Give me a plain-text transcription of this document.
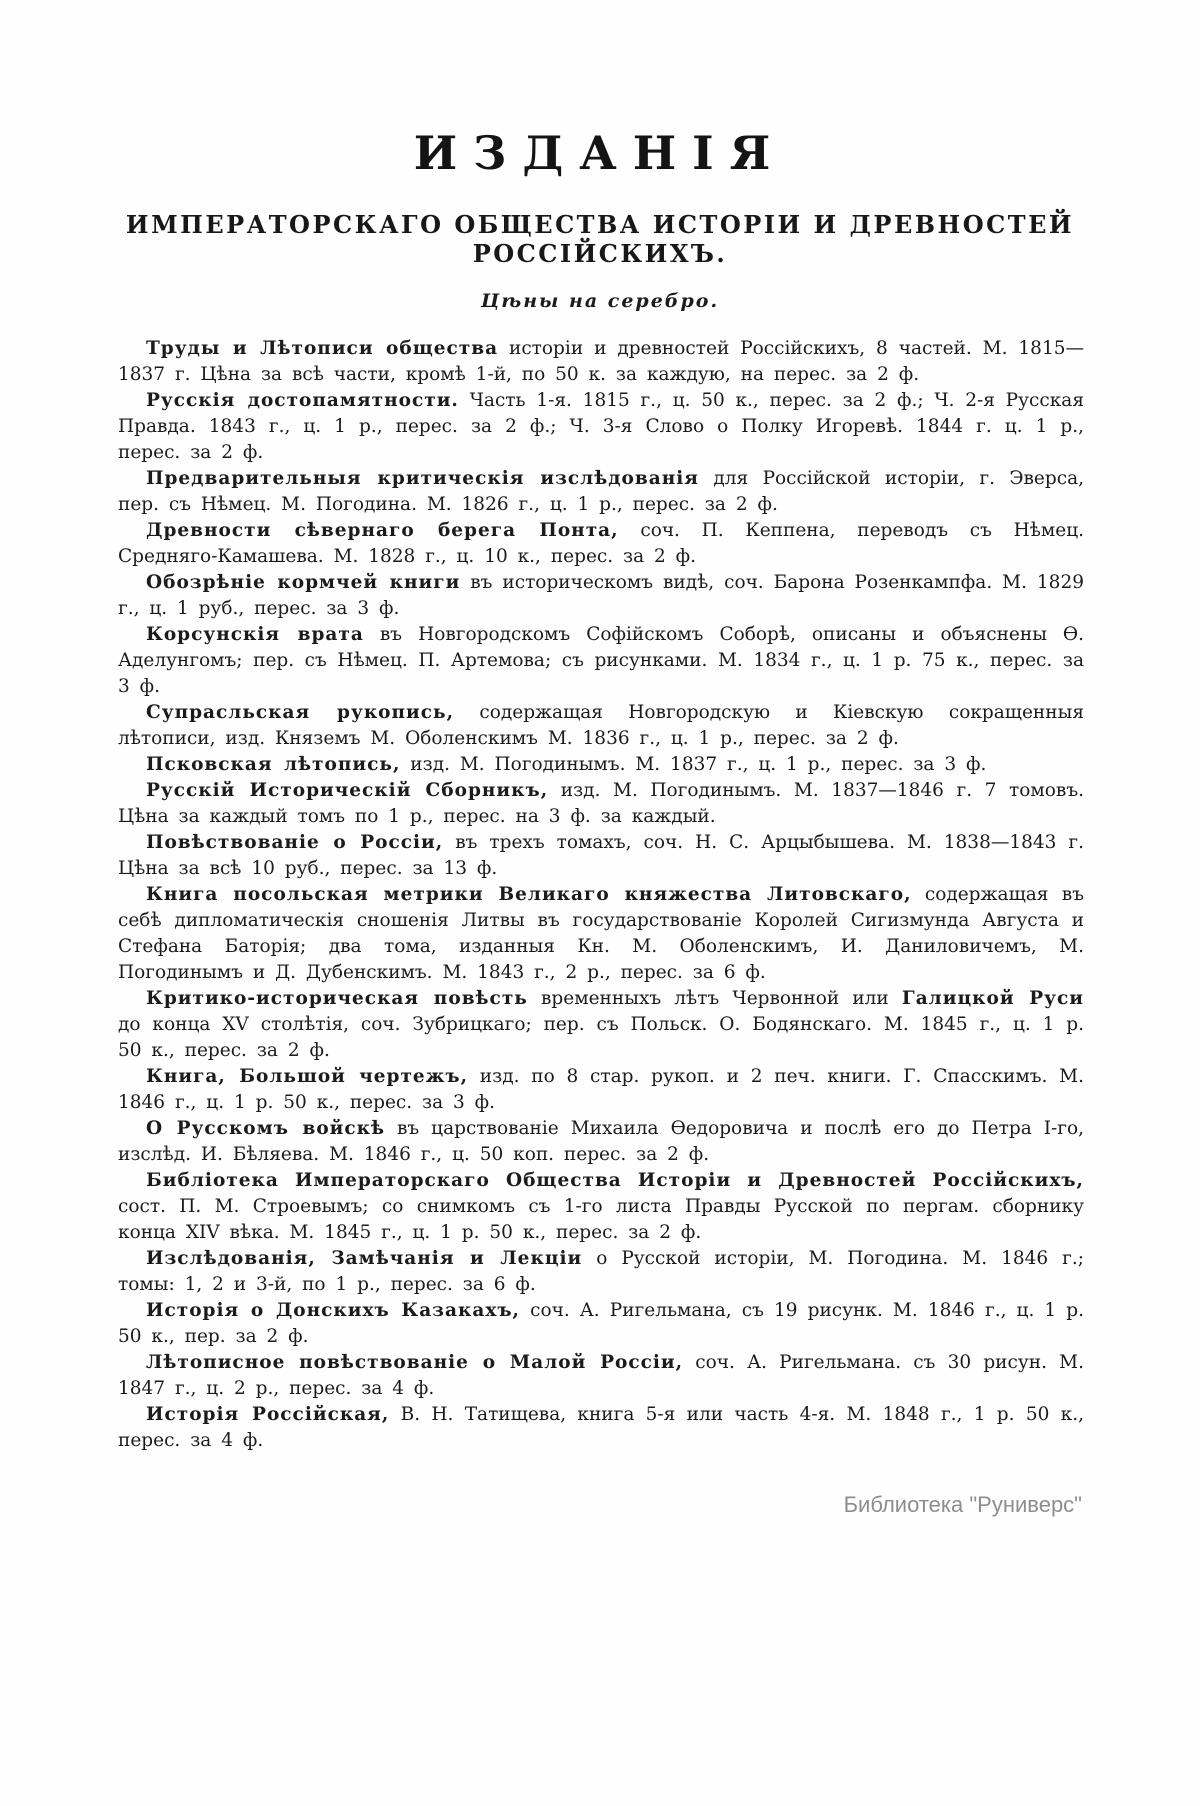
ИЗДАНІЯ
ИМПЕРАТОРСКАГО ОБЩЕСТВА ИСТОРІИ И ДРЕВНОСТЕЙ РОССІЙСКИХЪ.
Цѣны на серебро.

Труды и Лѣтописи общества исторіи и древностей Россійскихъ, 8 частей. М. 1815—1837 г. Цѣна за всѣ части, кромѣ 1-й, по 50 к. за каждую, на перес. за 2 ф.

Русскія достопамятности. Часть 1-я. 1815 г., ц. 50 к., перес. за 2 ф.; Ч. 2-я Русская Правда. 1843 г., ц. 1 р., перес. за 2 ф.; Ч. 3-я Слово о Полку Игоревѣ. 1844 г. ц. 1 р., перес. за 2 ф.

Предварительныя критическія изслѣдованія для Россійской исторіи, г. Эверса, пер. съ Нѣмец. М. Погодина. М. 1826 г., ц. 1 р., перес. за 2 ф.

Древности сѣвернаго берега Понта, соч. П. Кеппена, переводъ съ Нѣмец. Средняго-Камашева. М. 1828 г., ц. 10 к., перес. за 2 ф.

Обозрѣніе кормчей книги въ историческомъ видѣ, соч. Барона Розенкампфа. М. 1829 г., ц. 1 руб., перес. за 3 ф.

Корсунскія врата въ Новгородскомъ Софійскомъ Соборѣ, описаны и объяснены Ѳ. Аделунгомъ; пер. съ Нѣмец. П. Артемова; съ рисунками. М. 1834 г., ц. 1 р. 75 к., перес. за 3 ф.

Супрасльская рукопись, содержащая Новгородскую и Кіевскую сокращенныя лѣтописи, изд. Княземъ М. Оболенскимъ М. 1836 г., ц. 1 р., перес. за 2 ф.

Псковская лѣтопись, изд. М. Погодинымъ. М. 1837 г., ц. 1 р., перес. за 3 ф.

Русскій Историческій Сборникъ, изд. М. Погодинымъ. М. 1837—1846 г. 7 томовъ. Цѣна за каждый томъ по 1 р., перес. на 3 ф. за каждый.

Повѣствованіе о Россіи, въ трехъ томахъ, соч. Н. С. Арцыбышева. М. 1838—1843 г. Цѣна за всѣ 10 руб., перес. за 13 ф.

Книга посольская метрики Великаго княжества Литовскаго, содержащая въ себѣ дипломатическія сношенія Литвы въ государствованіе Королей Сигизмунда Августа и Стефана Баторія; два тома, изданныя Кн. М. Оболенскимъ, И. Даниловичемъ, М. Погодинымъ и Д. Дубенскимъ. М. 1843 г., 2 р., перес. за 6 ф.

Критико-историческая повѣсть временныхъ лѣтъ Червонной или Галицкой Руси до конца XV столѣтія, соч. Зубрицкаго; пер. съ Польск. О. Бодянскаго. М. 1845 г., ц. 1 р. 50 к., перес. за 2 ф.

Книга, Большой чертежъ, изд. по 8 стар. рукоп. и 2 печ. книги. Г. Спасскимъ. М. 1846 г., ц. 1 р. 50 к., перес. за 3 ф.

О Русскомъ войскѣ въ царствованіе Михаила Ѳедоровича и послѣ его до Петра I-го, изслѣд. И. Бѣляева. М. 1846 г., ц. 50 коп. перес. за 2 ф.

Библіотека Императорскаго Общества Исторіи и Древностей Россійскихъ, сост. П. М. Строевымъ; со снимкомъ съ 1-го листа Правды Русской по пергам. сборнику конца XIV вѣка. М. 1845 г., ц. 1 р. 50 к., перес. за 2 ф.

Изслѣдованія, Замѣчанія и Лекціи о Русской исторіи, М. Погодина. М. 1846 г.; томы: 1, 2 и 3-й, по 1 р., перес. за 6 ф.

Исторія о Донскихъ Казакахъ, соч. А. Ригельмана, съ 19 рисунк. М. 1846 г., ц. 1 р. 50 к., пер. за 2 ф.

Лѣтописное повѣствованіе о Малой Россіи, соч. А. Ригельмана. съ 30 рисун. М. 1847 г., ц. 2 р., перес. за 4 ф.

Исторія Россійская, В. Н. Татищева, книга 5-я или часть 4-я. М. 1848 г., 1 р. 50 к., перес. за 4 ф.

Библиотека "Руниверс"
